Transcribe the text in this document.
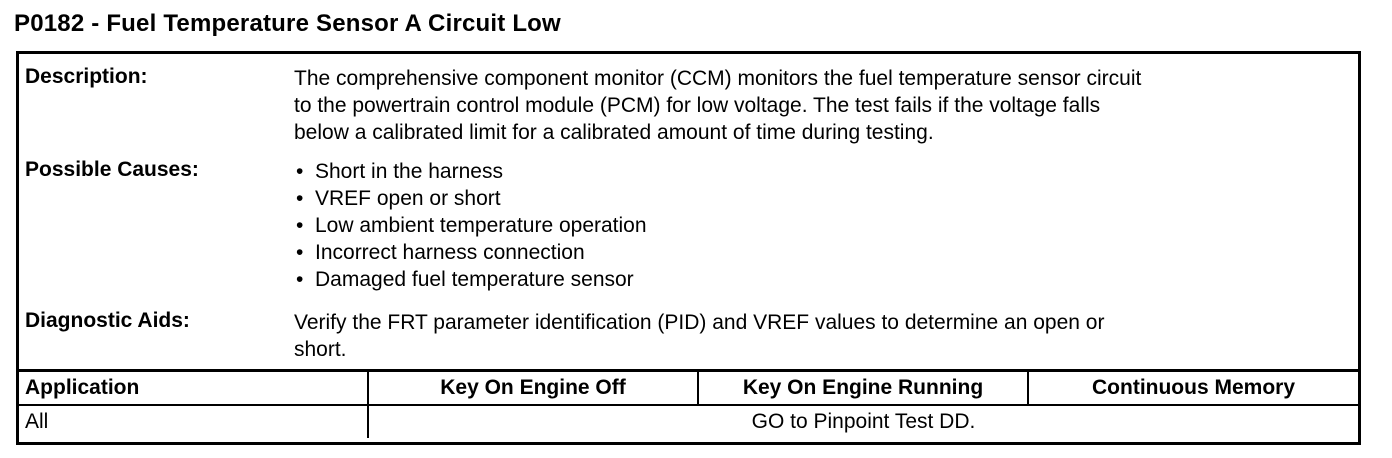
P0182 - Fuel Temperature Sensor A Circuit Low
Description:	The comprehensive component monitor (CCM) monitors the fuel temperature sensor circuit
to the powertrain control module (PCM) for low voltage. The test fails if the voltage falls
below a calibrated limit for a calibrated amount of time during testing.
Possible Causes:	• Short in the harness
• VREF open or short
• Low ambient temperature operation
• Incorrect harness connection
• Damaged fuel temperature sensor
Diagnostic Aids:	Verify the FRT parameter identification (PID) and VREF values to determine an open or
short.
Application	Key On Engine Off	Key On Engine Running	Continuous Memory
All	GO to Pinpoint Test DD.		
